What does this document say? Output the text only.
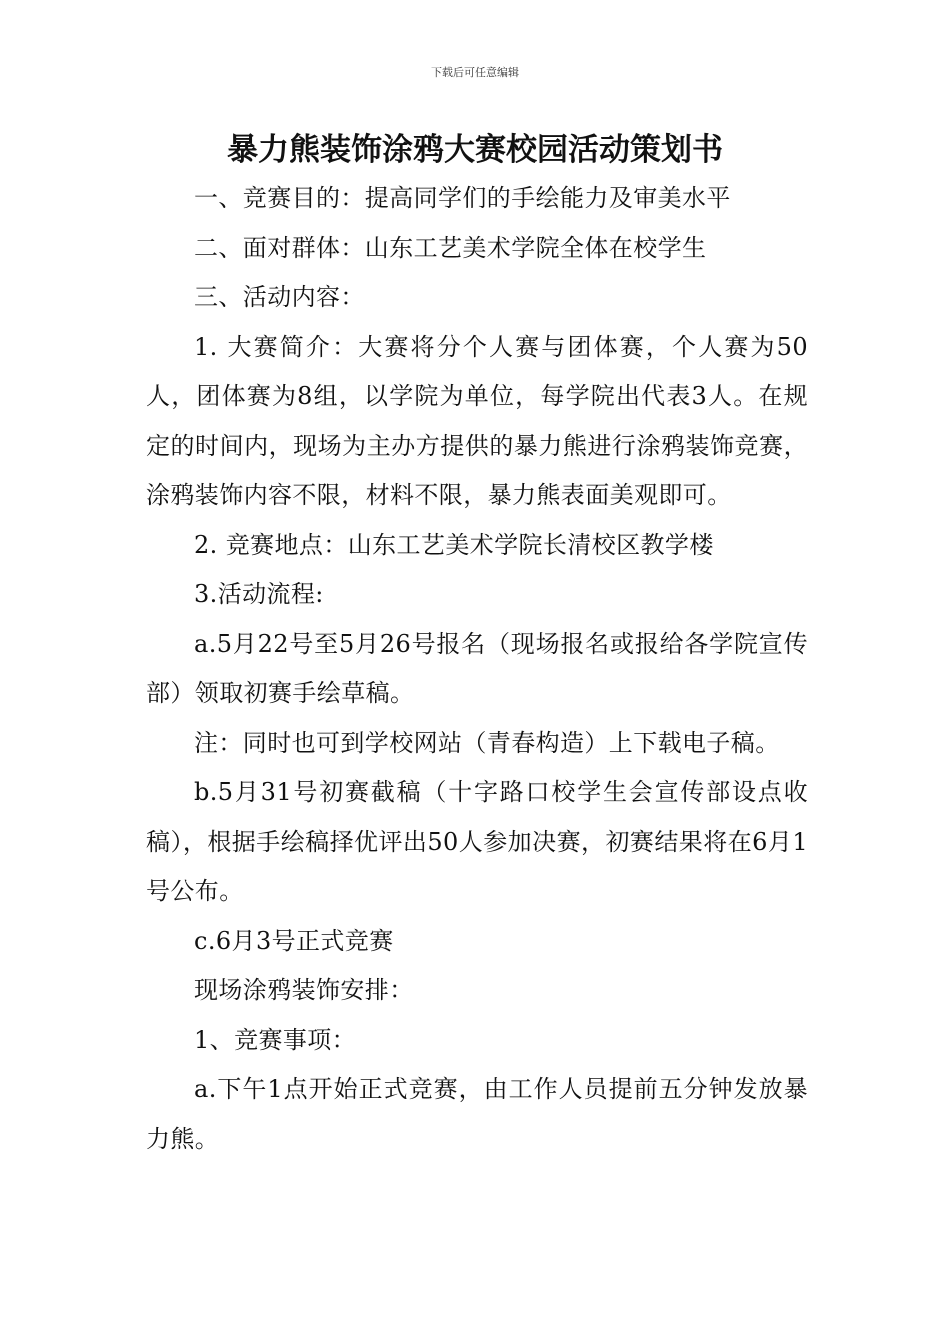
下载后可任意编辑
暴力熊装饰涂鸦大赛校园活动策划书

一、竞赛目的：提高同学们的手绘能力及审美水平

二、面对群体：山东工艺美术学院全体在校学生

三、活动内容：

1. 大赛简介：大赛将分个人赛与团体赛，个人赛为50人，团体赛为8组，以学院为单位，每学院出代表3人。在规定的时间内，现场为主办方提供的暴力熊进行涂鸦装饰竞赛，涂鸦装饰内容不限，材料不限，暴力熊表面美观即可。

2. 竞赛地点：山东工艺美术学院长清校区教学楼

3.活动流程:

a.5月22号至5月26号报名（现场报名或报给各学院宣传部）领取初赛手绘草稿。

注：同时也可到学校网站（青春构造）上下载电子稿。

b.5月31号初赛截稿（十字路口校学生会宣传部设点收稿），根据手绘稿择优评出50人参加决赛，初赛结果将在6月1号公布。

c.6月3号正式竞赛

现场涂鸦装饰安排：

1、竞赛事项：

a.下午1点开始正式竞赛，由工作人员提前五分钟发放暴力熊。
